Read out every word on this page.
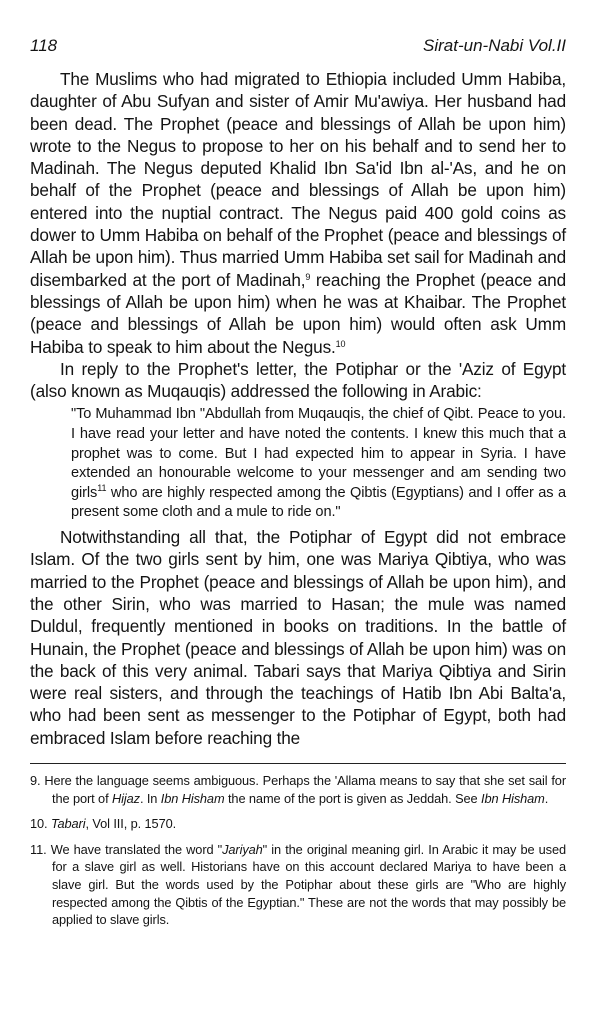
118	Sirat-un-Nabi Vol.II

The Muslims who had migrated to Ethiopia included Umm Habiba, daughter of Abu Sufyan and sister of Amir Mu'awiya. Her husband had been dead. The Prophet (peace and blessings of Allah be upon him) wrote to the Negus to propose to her on his behalf and to send her to Madinah. The Negus deputed Khalid Ibn Sa'id Ibn al-'As, and he on behalf of the Prophet (peace and blessings of Allah be upon him) entered into the nuptial contract. The Negus paid 400 gold coins as dower to Umm Habiba on behalf of the Prophet (peace and blessings of Allah be upon him). Thus married Umm Habiba set sail for Madinah and disembarked at the port of Madinah,$^9$ reaching the Prophet (peace and blessings of Allah be upon him) when he was at Khaibar. The Prophet (peace and blessings of Allah be upon him) would often ask Umm Habiba to speak to him about the Negus.$^{10}$

In reply to the Prophet's letter, the Potiphar or the 'Aziz of Egypt (also known as Muqauqis) addressed the following in Arabic:

"To Muhammad Ibn "Abdullah from Muqauqis, the chief of Qibt. Peace to you. I have read your letter and have noted the contents. I knew this much that a prophet was to come. But I had expected him to appear in Syria. I have extended an honourable welcome to your messenger and am sending two girls$^{11}$ who are highly respected among the Qibtis (Egyptians) and I offer as a present some cloth and a mule to ride on."

Notwithstanding all that, the Potiphar of Egypt did not embrace Islam. Of the two girls sent by him, one was Mariya Qibtiya, who was married to the Prophet (peace and blessings of Allah be upon him), and the other Sirin, who was married to Hasan; the mule was named Duldul, frequently mentioned in books on traditions. In the battle of Hunain, the Prophet (peace and blessings of Allah be upon him) was on the back of this very animal. Tabari says that Mariya Qibtiya and Sirin were real sisters, and through the teachings of Hatib Ibn Abi Balta'a, who had been sent as messenger to the Potiphar of Egypt, both had embraced Islam before reaching the

9. Here the language seems ambiguous. Perhaps the 'Allama means to say that she set sail for the port of Hijaz. In Ibn Hisham the name of the port is given as Jeddah. See Ibn Hisham.
10. Tabari, Vol III, p. 1570.
11. We have translated the word "Jariyah" in the original meaning girl. In Arabic it may be used for a slave girl as well. Historians have on this account declared Mariya to have been a slave girl. But the words used by the Potiphar about these girls are "Who are highly respected among the Qibtis of the Egyptian." These are not the words that may possibly be applied to slave girls.
